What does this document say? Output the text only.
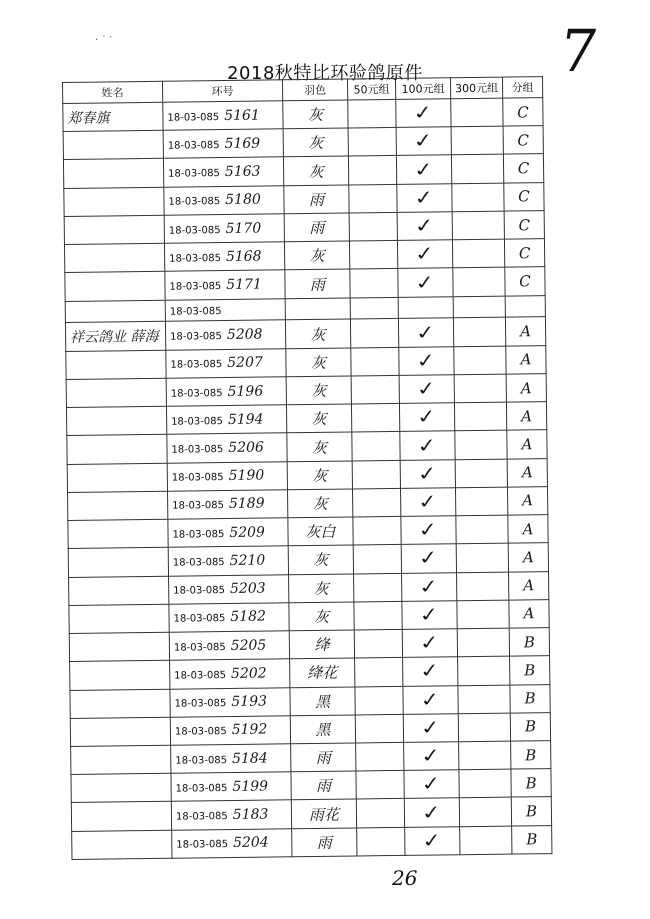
7
· ˙ ′
2018秋特比环验鸽原件
姓名	环号	羽色	50元组	100元组	300元组	分组
郑春旗	18-03-085 5161	灰		✓		C
	18-03-085 5169	灰		✓		C
	18-03-085 5163	灰		✓		C
	18-03-085 5180	雨		✓		C
	18-03-085 5170	雨		✓		C
	18-03-085 5168	灰		✓		C
	18-03-085 5171	雨		✓		C
	18-03-085					
祥云鸽业 薛海	18-03-085 5208	灰		✓		A
	18-03-085 5207	灰		✓		A
	18-03-085 5196	灰		✓		A
	18-03-085 5194	灰		✓		A
	18-03-085 5206	灰		✓		A
	18-03-085 5190	灰		✓		A
	18-03-085 5189	灰		✓		A
	18-03-085 5209	灰白		✓		A
	18-03-085 5210	灰		✓		A
	18-03-085 5203	灰		✓		A
	18-03-085 5182	灰		✓		A
	18-03-085 5205	绛		✓		B
	18-03-085 5202	绛花		✓		B
	18-03-085 5193	黑		✓		B
	18-03-085 5192	黑		✓		B
	18-03-085 5184	雨		✓		B
	18-03-085 5199	雨		✓		B
	18-03-085 5183	雨花		✓		B
	18-03-085 5204	雨		✓		B
26
